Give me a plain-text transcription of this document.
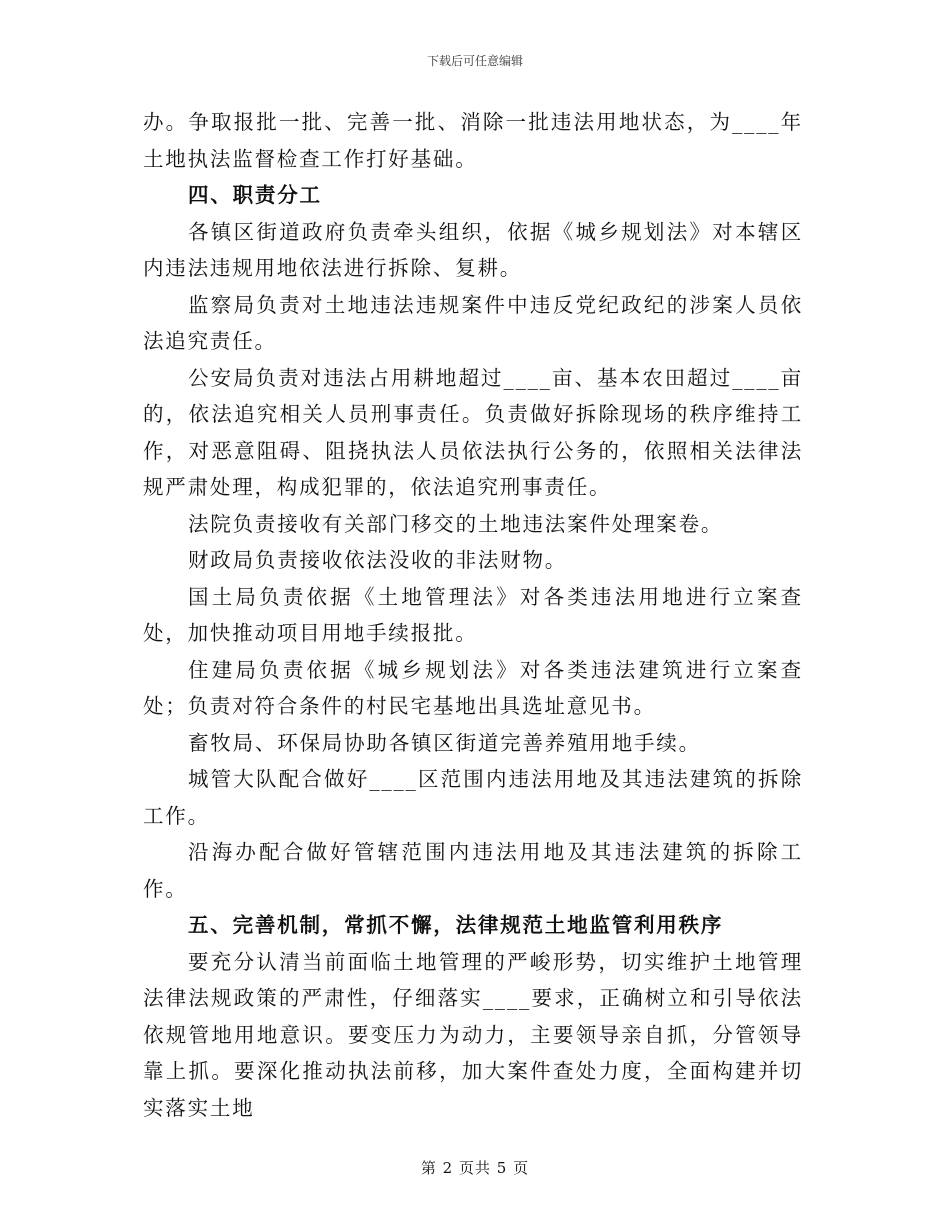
下载后可任意编辑

办。争取报批一批、完善一批、消除一批违法用地状态，为____年土地执法监督检查工作打好基础。

四、职责分工

各镇区街道政府负责牵头组织，依据《城乡规划法》对本辖区内违法违规用地依法进行拆除、复耕。

监察局负责对土地违法违规案件中违反党纪政纪的涉案人员依法追究责任。

公安局负责对违法占用耕地超过____亩、基本农田超过____亩的，依法追究相关人员刑事责任。负责做好拆除现场的秩序维持工作，对恶意阻碍、阻挠执法人员依法执行公务的，依照相关法律法规严肃处理，构成犯罪的，依法追究刑事责任。

法院负责接收有关部门移交的土地违法案件处理案卷。

财政局负责接收依法没收的非法财物。

国土局负责依据《土地管理法》对各类违法用地进行立案查处，加快推动项目用地手续报批。

住建局负责依据《城乡规划法》对各类违法建筑进行立案查处；负责对符合条件的村民宅基地出具选址意见书。

畜牧局、环保局协助各镇区街道完善养殖用地手续。

城管大队配合做好____区范围内违法用地及其违法建筑的拆除工作。

沿海办配合做好管辖范围内违法用地及其违法建筑的拆除工作。

五、完善机制，常抓不懈，法律规范土地监管利用秩序

要充分认清当前面临土地管理的严峻形势，切实维护土地管理法律法规政策的严肃性，仔细落实____要求，正确树立和引导依法依规管地用地意识。要变压力为动力，主要领导亲自抓，分管领导靠上抓。要深化推动执法前移，加大案件查处力度，全面构建并切实落实土地

第 2 页共 5 页
